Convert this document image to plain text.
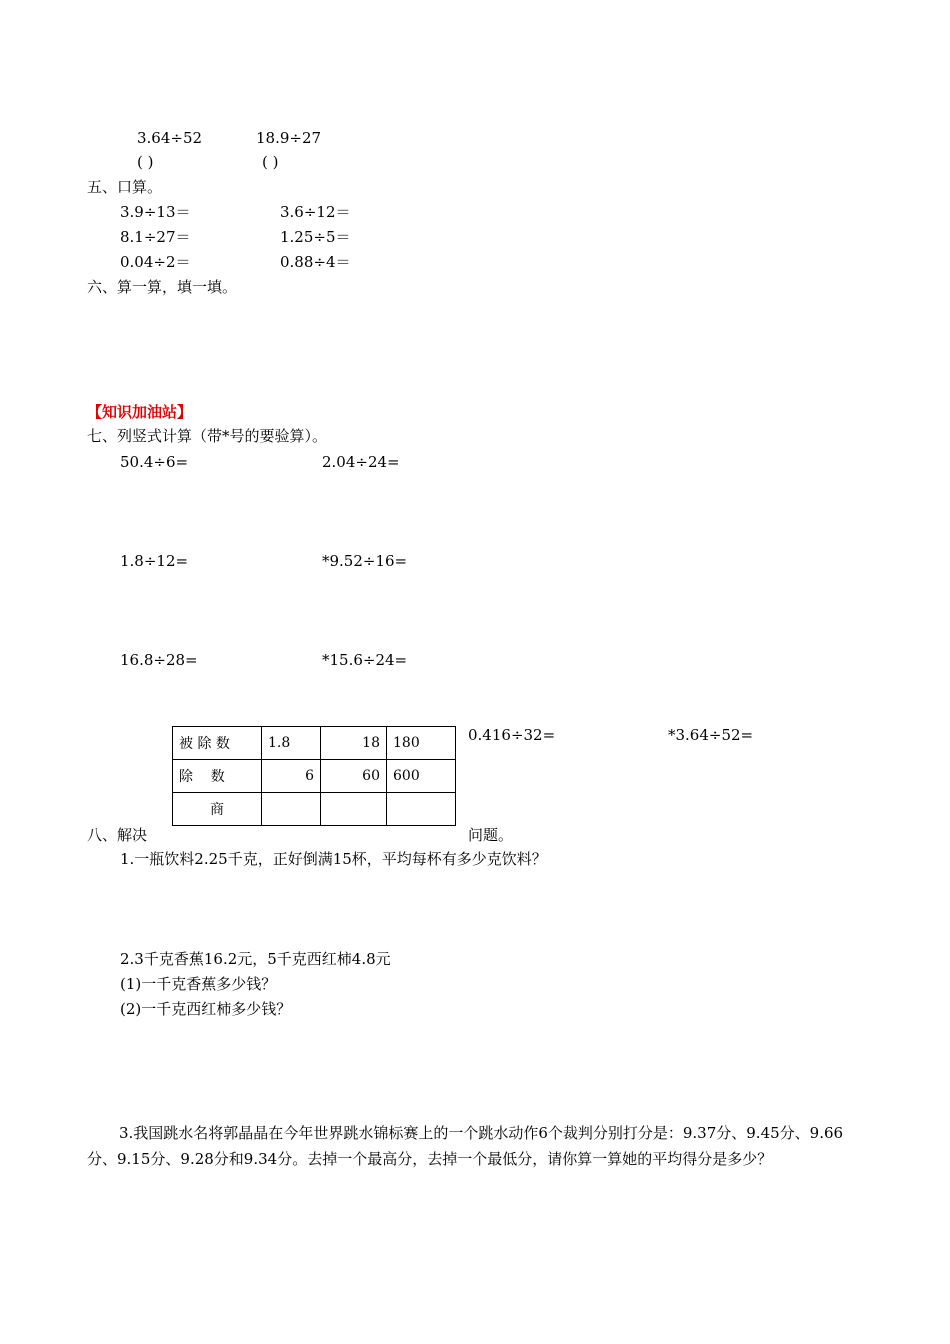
3.64÷52	18.9÷27
( )	( )
五、口算。
3.9÷13＝	3.6÷12＝
8.1÷27＝	1.25÷5＝
0.04÷2＝	0.88÷4＝
六、算一算，填一填。
【知识加油站】
七、列竖式计算（带*号的要验算）。
50.4÷6=	2.04÷24=
1.8÷12=	*9.52÷16=
16.8÷28=	*15.6÷24=
0.416÷32=	*3.64÷52=
被 除 数	1.8	18	180
除    数	6	60	600
商			
八、解决	问题。
1.一瓶饮料2.25千克，正好倒满15杯，平均每杯有多少克饮料？
2.3千克香蕉16.2元，5千克西红柿4.8元
(1)一千克香蕉多少钱？
(2)一千克西红柿多少钱？
3.我国跳水名将郭晶晶在今年世界跳水锦标赛上的一个跳水动作6个裁判分别打分是：9.37分、9.45分、9.66分、9.15分、9.28分和9.34分。去掉一个最高分，去掉一个最低分，请你算一算她的平均得分是多少？
